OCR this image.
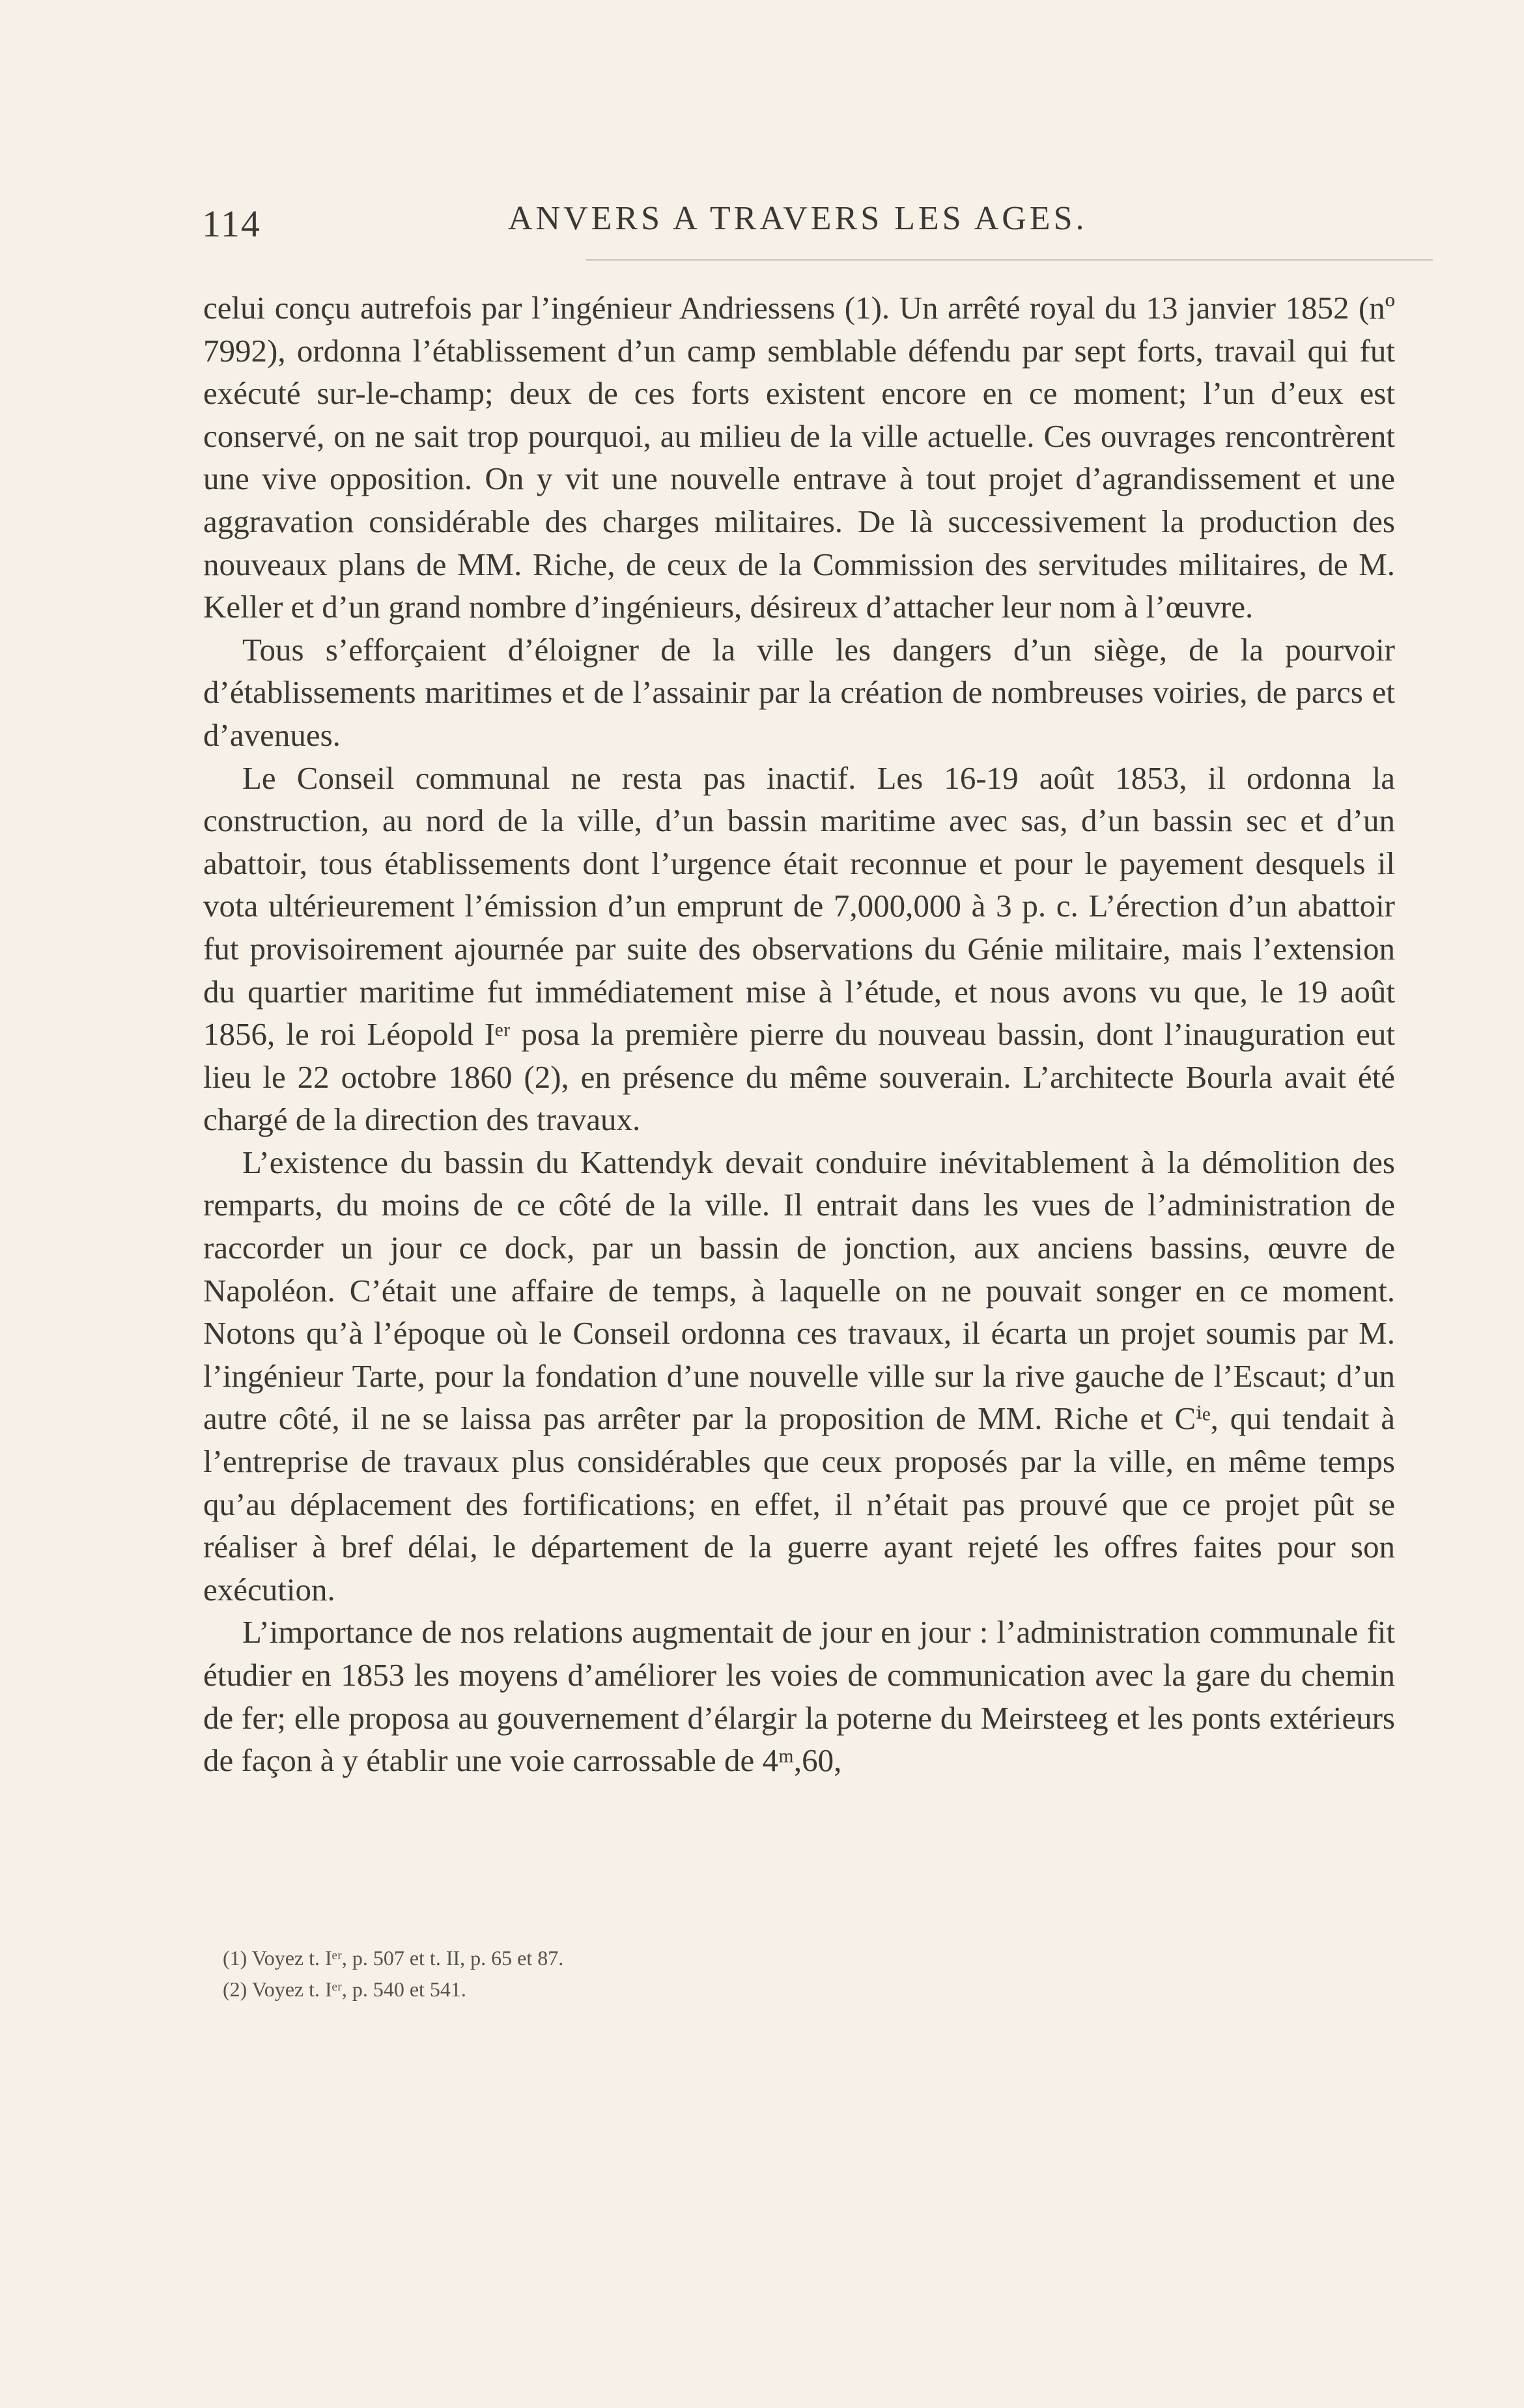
114	ANVERS A TRAVERS LES AGES.

celui conçu autrefois par l’ingénieur Andriessens (1). Un arrêté royal du 13 janvier 1852 (nº 7992), ordonna l’établissement d’un camp semblable défendu par sept forts, travail qui fut exécuté sur-le-champ; deux de ces forts existent encore en ce moment; l’un d’eux est conservé, on ne sait trop pourquoi, au milieu de la ville actuelle. Ces ouvrages rencontrèrent une vive opposition. On y vit une nouvelle entrave à tout projet d’agrandissement et une aggravation considérable des charges militaires. De là successivement la production des nouveaux plans de MM. Riche, de ceux de la Commission des servitudes militaires, de M. Keller et d’un grand nombre d’ingénieurs, désireux d’attacher leur nom à l’œuvre.

Tous s’efforçaient d’éloigner de la ville les dangers d’un siège, de la pourvoir d’établissements maritimes et de l’assainir par la création de nombreuses voiries, de parcs et d’avenues.

Le Conseil communal ne resta pas inactif. Les 16-19 août 1853, il ordonna la construction, au nord de la ville, d’un bassin maritime avec sas, d’un bassin sec et d’un abattoir, tous établissements dont l’urgence était reconnue et pour le payement desquels il vota ultérieurement l’émission d’un emprunt de 7,000,000 à 3 p. c. L’érection d’un abattoir fut provisoirement ajournée par suite des observations du Génie militaire, mais l’extension du quartier maritime fut immédiatement mise à l’étude, et nous avons vu que, le 19 août 1856, le roi Léopold Iᵉʳ posa la première pierre du nouveau bassin, dont l’inauguration eut lieu le 22 octobre 1860 (2), en présence du même souverain. L’architecte Bourla avait été chargé de la direction des travaux.

L’existence du bassin du Kattendyk devait conduire inévitablement à la démolition des remparts, du moins de ce côté de la ville. Il entrait dans les vues de l’administration de raccorder un jour ce dock, par un bassin de jonction, aux anciens bassins, œuvre de Napoléon. C’était une affaire de temps, à laquelle on ne pouvait songer en ce moment. Notons qu’à l’époque où le Conseil ordonna ces travaux, il écarta un projet soumis par M. l’ingénieur Tarte, pour la fondation d’une nouvelle ville sur la rive gauche de l’Escaut; d’un autre côté, il ne se laissa pas arrêter par la proposition de MM. Riche et Cⁱᵉ, qui tendait à l’entreprise de travaux plus considérables que ceux proposés par la ville, en même temps qu’au déplacement des fortifications; en effet, il n’était pas prouvé que ce projet pût se réaliser à bref délai, le département de la guerre ayant rejeté les offres faites pour son exécution.

L’importance de nos relations augmentait de jour en jour : l’administration communale fit étudier en 1853 les moyens d’améliorer les voies de communication avec la gare du chemin de fer; elle proposa au gouvernement d’élargir la poterne du Meirsteeg et les ponts extérieurs de façon à y établir une voie carrossable de 4ᵐ,60,

(1) Voyez t. Iᵉʳ, p. 507 et t. II, p. 65 et 87.

(2) Voyez t. Iᵉʳ, p. 540 et 541.
